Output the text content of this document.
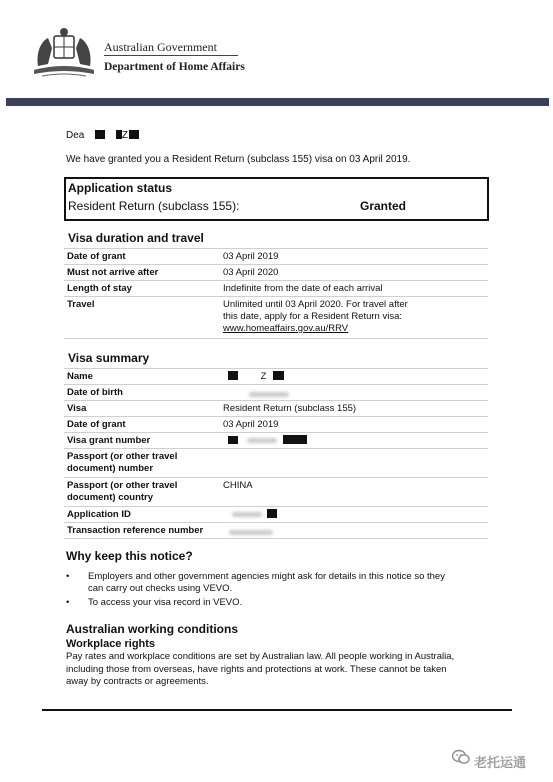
Australian Government
Department of Home Affairs
Dea	Z
We have granted you a Resident Return (subclass 155) visa on 03 April 2019.
Application status
Resident Return (subclass 155):	Granted
Visa duration and travel
Date of grant	03 April 2019
Must not arrive after	03 April 2020
Length of stay	Indefinite from the date of each arrival
Travel	Unlimited until 03 April 2020. For travel after
this date, apply for a Resident Return visa:
www.homeaffairs.gov.au/RRV
Visa summary
Name	Z
Date of birth
Visa	Resident Return (subclass 155)
Date of grant	03 April 2019
Visa grant number

Passport (or other travel
document) number
Passport (or other travel
document) country
CHINA
Application ID

Transaction reference number
Why keep this notice?
• Employers and other government agencies might ask for details in this notice so they
can carry out checks using VEVO.
• To access your visa record in VEVO.
Australian working conditions
Workplace rights
Pay rates and workplace conditions are set by Australian law. All people working in Australia,
including those from overseas, have rights and protections at work. These cannot be taken
away by contracts or agreements.
老托运通
